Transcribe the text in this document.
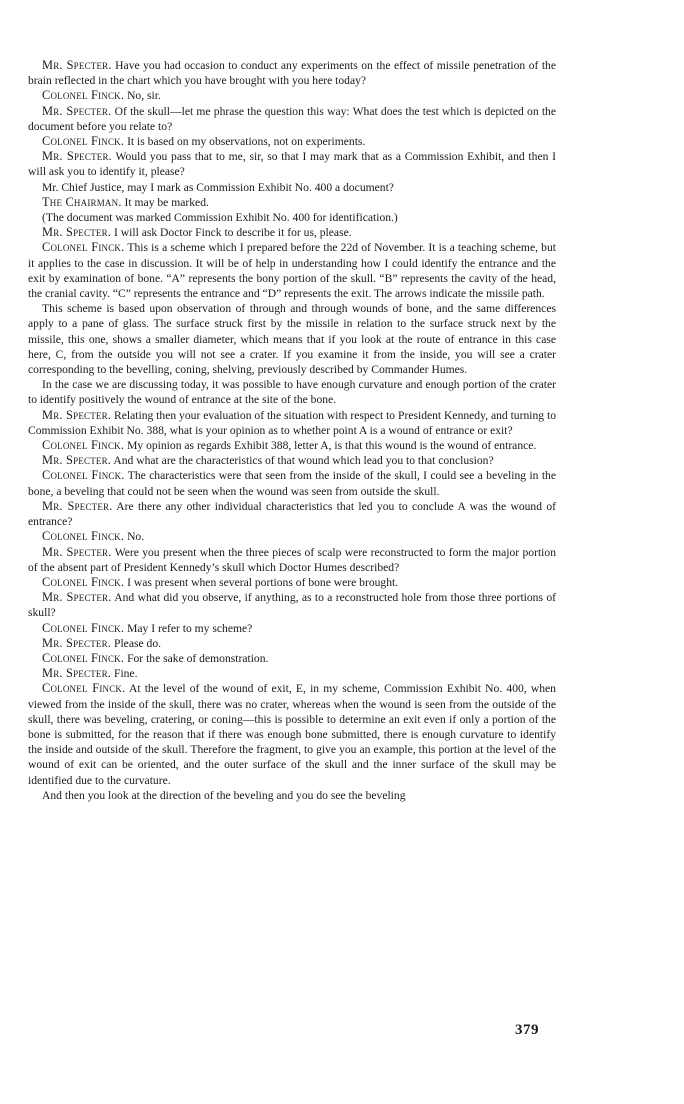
Mr. Specter. Have you had occasion to conduct any experiments on the effect of missile penetration of the brain reflected in the chart which you have brought with you here today?

Colonel Finck. No, sir.

Mr. Specter. Of the skull—let me phrase the question this way: What does the test which is depicted on the document before you relate to?

Colonel Finck. It is based on my observations, not on experiments.

Mr. Specter. Would you pass that to me, sir, so that I may mark that as a Commission Exhibit, and then I will ask you to identify it, please?

Mr. Chief Justice, may I mark as Commission Exhibit No. 400 a document?

The Chairman. It may be marked.

(The document was marked Commission Exhibit No. 400 for identification.)

Mr. Specter. I will ask Doctor Finck to describe it for us, please.

Colonel Finck. This is a scheme which I prepared before the 22d of November. It is a teaching scheme, but it applies to the case in discussion. It will be of help in understanding how I could identify the entrance and the exit by examination of bone. “A” represents the bony portion of the skull. “B” represents the cavity of the head, the cranial cavity. “C” represents the entrance and “D” represents the exit. The arrows indicate the missile path.

This scheme is based upon observation of through and through wounds of bone, and the same differences apply to a pane of glass. The surface struck first by the missile in relation to the surface struck next by the missile, this one, shows a smaller diameter, which means that if you look at the route of entrance in this case here, C, from the outside you will not see a crater. If you examine it from the inside, you will see a crater corresponding to the bevelling, coning, shelving, previously described by Commander Humes.

In the case we are discussing today, it was possible to have enough curvature and enough portion of the crater to identify positively the wound of entrance at the site of the bone.

Mr. Specter. Relating then your evaluation of the situation with respect to President Kennedy, and turning to Commission Exhibit No. 388, what is your opinion as to whether point A is a wound of entrance or exit?

Colonel Finck. My opinion as regards Exhibit 388, letter A, is that this wound is the wound of entrance.

Mr. Specter. And what are the characteristics of that wound which lead you to that conclusion?

Colonel Finck. The characteristics were that seen from the inside of the skull, I could see a beveling in the bone, a beveling that could not be seen when the wound was seen from outside the skull.

Mr. Specter. Are there any other individual characteristics that led you to conclude A was the wound of entrance?

Colonel Finck. No.

Mr. Specter. Were you present when the three pieces of scalp were reconstructed to form the major portion of the absent part of President Kennedy’s skull which Doctor Humes described?

Colonel Finck. I was present when several portions of bone were brought.

Mr. Specter. And what did you observe, if anything, as to a reconstructed hole from those three portions of skull?

Colonel Finck. May I refer to my scheme?

Mr. Specter. Please do.

Colonel Finck. For the sake of demonstration.

Mr. Specter. Fine.

Colonel Finck. At the level of the wound of exit, E, in my scheme, Commission Exhibit No. 400, when viewed from the inside of the skull, there was no crater, whereas when the wound is seen from the outside of the skull, there was beveling, cratering, or coning—this is possible to determine an exit even if only a portion of the bone is submitted, for the reason that if there was enough bone submitted, there is enough curvature to identify the inside and outside of the skull. Therefore the fragment, to give you an example, this portion at the level of the wound of exit can be oriented, and the outer surface of the skull and the inner surface of the skull may be identified due to the curvature.

And then you look at the direction of the beveling and you do see the beveling

379
